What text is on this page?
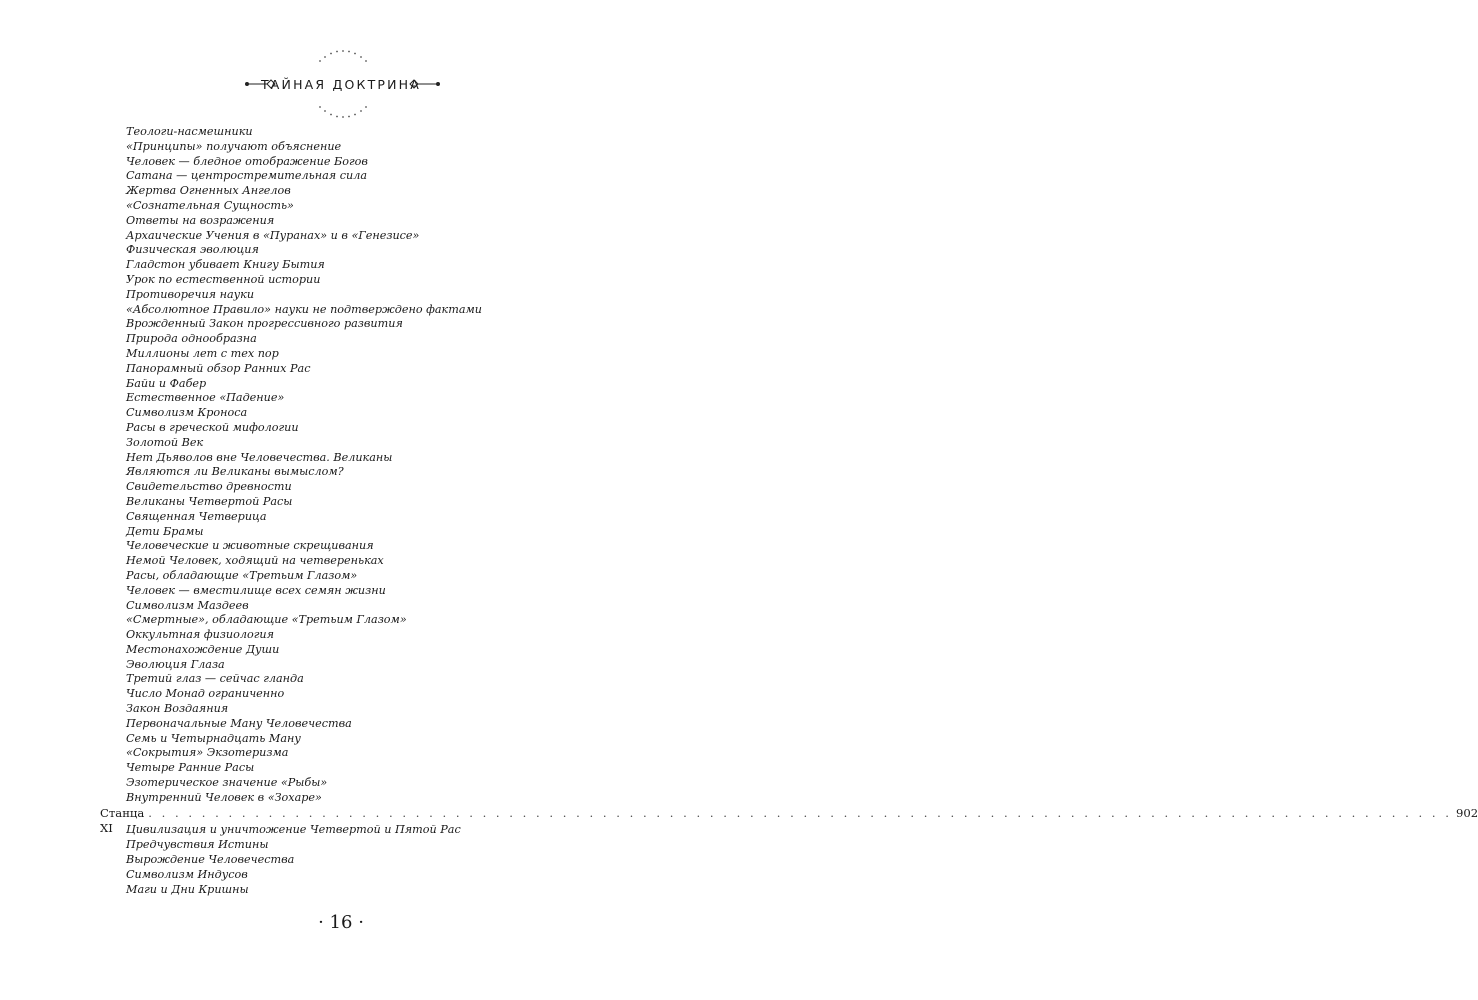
ТАЙНАЯ ДОКТРИНА
Теологи-насмешники
«Принципы» получают объяснение
Человек — бледное отображение Богов
Сатана — центростремительная сила
Жертва Огненных Ангелов
«Сознательная Сущность»
Ответы на возражения
Архаические Учения в «Пуранах» и в «Генезисе»
Физическая эволюция
Гладстон убивает Книгу Бытия
Урок по естественной истории
Противоречия науки
«Абсолютное Правило» науки не подтверждено фактами
Врожденный Закон прогрессивного развития
Природа однообразна
Миллионы лет с тех пор
Панорамный обзор Ранних Рас
Байи и Фабер
Естественное «Падение»
Символизм Кроноса
Расы в греческой мифологии
Золотой Век
Нет Дьяволов вне Человечества. Великаны
Являются ли Великаны вымыслом?
Свидетельство древности
Великаны Четвертой Расы
Священная Четверица
Дети Брамы
Человеческие и животные скрещивания
Немой Человек, ходящий на четвереньках
Расы, обладающие «Третьим Глазом»
Человек — вместилище всех семян жизни
Символизм Маздеев
«Смертные», обладающие «Третьим Глазом»
Оккультная физиология
Местонахождение Души
Эволюция Глаза
Третий глаз — сейчас гланда
Число Монад ограниченно
Закон Воздаяния
Первоначальные Ману Человечества
Семь и Четырнадцать Ману
«Сокрытия» Экзотеризма
Четыре Ранние Расы
Эзотерическое значение «Рыбы»
Внутренний Человек в «Зохаре»
Станца XI
. . . . . . . . . . . . . . . . . . . . . . . . . . . . . . . . . . . . . . . . . . . . . . . . . . . . . . . . . . . . . . . . . . . . . . . . . . . . . . . . . . . . . . . . . . . . . . . . . . 902
Цивилизация и уничтожение Четвертой и Пятой Рас
Предчувствия Истины
Вырождение Человечества
Символизм Индусов
Маги и Дни Кришны
· 16 ·
